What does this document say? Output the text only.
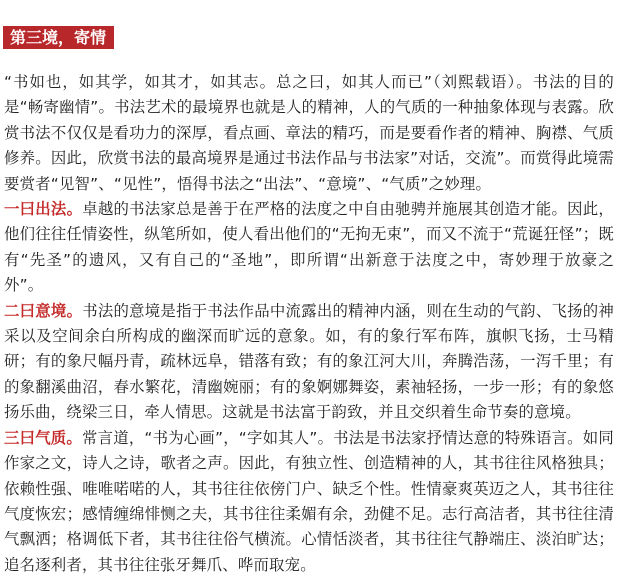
第三境，寄情

“书如也，如其学，如其才，如其志。总之曰，如其人而已”（刘熙载语）。书法的目的是“畅寄幽情”。书法艺术的最境界也就是人的精神，人的气质的一种抽象体现与表露。欣赏书法不仅仅是看功力的深厚，看点画、章法的精巧，而是要看作者的精神、胸襟、气质修养。因此，欣赏书法的最高境界是通过书法作品与书法家”对话，交流”。而赏得此境需要赏者“见智”、“见性”，悟得书法之“出法”、“意境”、“气质”之妙理。

一曰出法。卓越的书法家总是善于在严格的法度之中自由驰骋并施展其创造才能。因此，他们往往任情姿性，纵笔所如，使人看出他们的“无拘无束”，而又不流于“荒诞狂怪”；既有“先圣”的遗风，又有自己的“圣地”，即所谓“出新意于法度之中，寄妙理于放豪之外”。

二曰意境。书法的意境是指于书法作品中流露出的精神内涵，则在生动的气韵、飞扬的神采以及空间余白所构成的幽深而旷远的意象。如，有的象行军布阵，旗帜飞扬，士马精研；有的象尺幅丹青，疏林远阜，错落有致；有的象江河大川，奔腾浩荡，一泻千里；有的象翻溪曲沼，春水繁花，清幽婉丽；有的象婀娜舞姿，素袖轻扬，一步一形；有的象悠扬乐曲，绕梁三日，牵人情思。这就是书法富于韵致，并且交织着生命节奏的意境。

三曰气质。常言道，“书为心画”，“字如其人”。书法是书法家抒情达意的特殊语言。如同作家之文，诗人之诗，歌者之声。因此，有独立性、创造精神的人，其书往往风格独具；依赖性强、唯唯喏喏的人，其书往往依傍门户、缺乏个性。性情豪爽英迈之人，其书往往气度恢宏；感情缠绵悱恻之夫，其书往往柔媚有余，劲健不足。志行高洁者，其书往往清气飘洒；格调低下者，其书往往俗气横流。心情恬淡者，其书往往气静端庄、淡泊旷达；追名逐利者，其书往往张牙舞爪、哗而取宠。
